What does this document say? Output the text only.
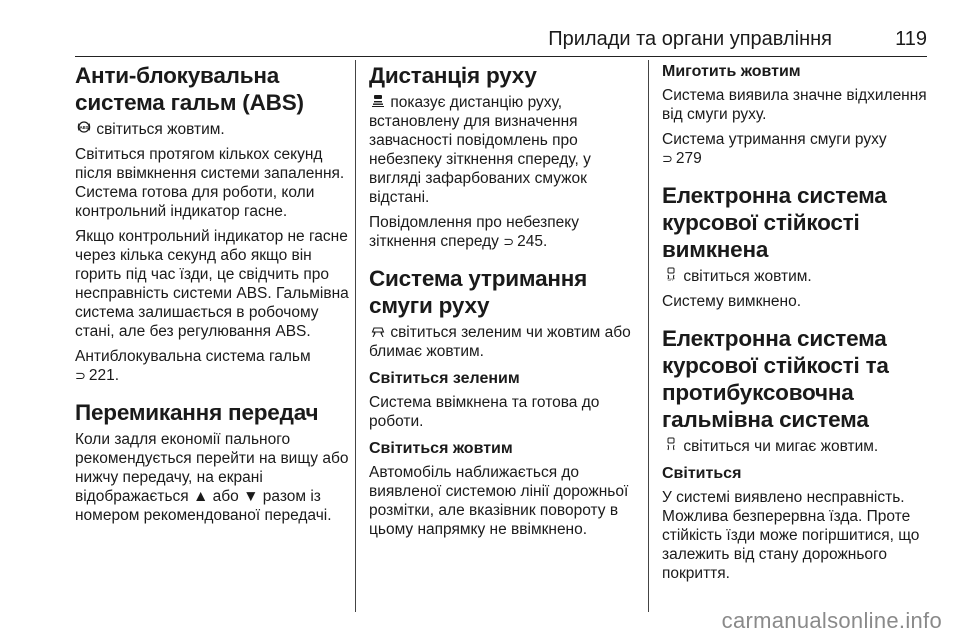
Прилади та органи управління	119
Анти-блокувальна система гальм (ABS)

ABS світиться жовтим.

Світиться протягом кількох секунд після ввімкнення системи запалення. Система готова для роботи, коли контрольний індикатор гасне.

Якщо контрольний індикатор не гасне через кілька секунд або якщо він горить під час їзди, це свідчить про несправність системи ABS. Гальмівна система залишається в робочому стані, але без регулювання ABS.

Антиблокувальна система гальм
⊃ 221.

Перемикання передач

Коли задля економії пального рекомендується перейти на вищу або нижчу передачу, на екрані відображається ▲ або ▼ разом із номером рекомендованої передачі.

Дистанція руху

показує дистанцію руху, встановлену для визначення завчасності повідомлень про небезпеку зіткнення спереду, у вигляді зафарбованих смужок відстані.

Повідомлення про небезпеку зіткнення спереду ⊃ 245.

Система утримання смуги руху

світиться зеленим чи жовтим або блимає жовтим.

Світиться зеленим

Система ввімкнена та готова до роботи.

Світиться жовтим

Автомобіль наближається до виявленої системою лінії дорожньої розмітки, але вказівник повороту в цьому напрямку не ввімкнено.

Миготить жовтим

Система виявила значне відхилення від смуги руху.

Система утримання смуги руху
⊃ 279

Електронна система курсової стійкості вимкнена

OFF світиться жовтим.

Систему вимкнено.

Електронна система курсової стійкості та протибуксовочна гальмівна система

світиться чи мигає жовтим.

Світиться

У системі виявлено несправність. Можлива безперервна їзда. Проте стійкість їзди може погіршитися, що залежить від стану дорожнього покриття.

carmanualsonline.info
